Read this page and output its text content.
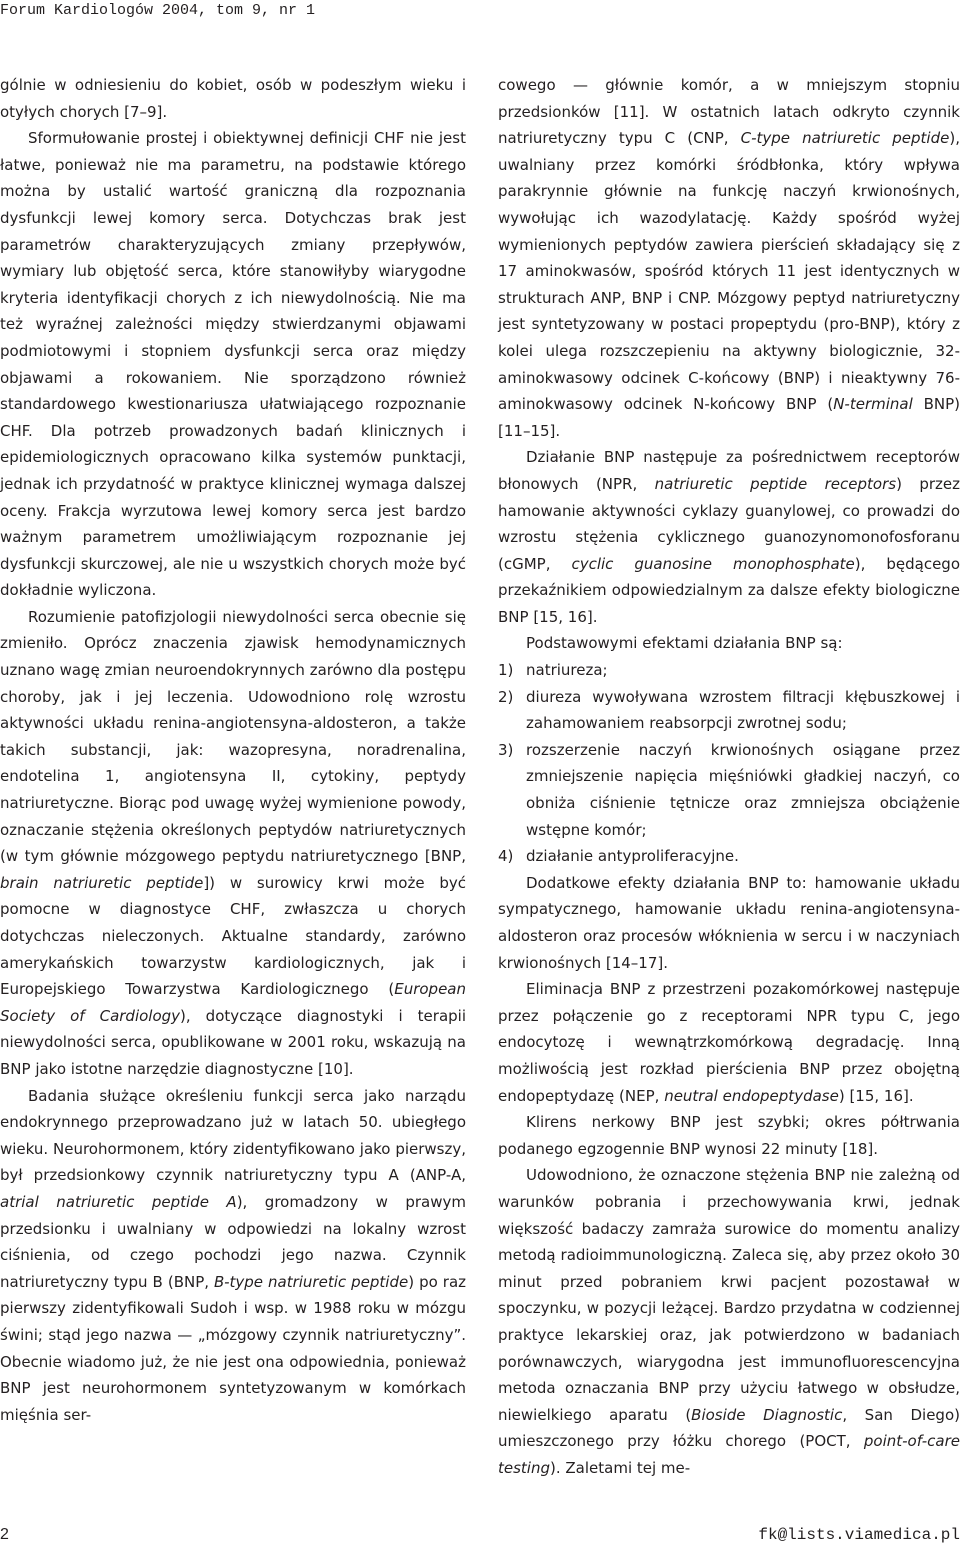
Forum Kardiologów 2004, tom 9, nr 1

gólnie w odniesieniu do kobiet, osób w podeszłym wieku i otyłych chorych [7–9].

Sformułowanie prostej i obiektywnej definicji CHF nie jest łatwe, ponieważ nie ma parametru, na podstawie którego można by ustalić wartość graniczną dla rozpoznania dysfunkcji lewej komory serca. Dotychczas brak jest parametrów charakteryzujących zmiany przepływów, wymiary lub objętość serca, które stanowiłyby wiarygodne kryteria identyfikacji chorych z ich niewydolnością. Nie ma też wyraźnej zależności między stwierdzanymi objawami podmiotowymi i stopniem dysfunkcji serca oraz między objawami a rokowaniem. Nie sporządzono również standardowego kwestionariusza ułatwiającego rozpoznanie CHF. Dla potrzeb prowadzonych badań klinicznych i epidemiologicznych opracowano kilka systemów punktacji, jednak ich przydatność w praktyce klinicznej wymaga dalszej oceny. Frakcja wyrzutowa lewej komory serca jest bardzo ważnym parametrem umożliwiającym rozpoznanie jej dysfunkcji skurczowej, ale nie u wszystkich chorych może być dokładnie wyliczona.

Rozumienie patofizjologii niewydolności serca obecnie się zmieniło. Oprócz znaczenia zjawisk hemodynamicznych uznano wagę zmian neuroendokrynnych zarówno dla postępu choroby, jak i jej leczenia. Udowodniono rolę wzrostu aktywności układu renina-angiotensyna-aldosteron, a także takich substancji, jak: wazopresyna, noradrenalina, endotelina 1, angiotensyna II, cytokiny, peptydy natriuretyczne. Biorąc pod uwagę wyżej wymienione powody, oznaczanie stężenia określonych peptydów natriuretycznych (w tym głównie mózgowego peptydu natriuretycznego [BNP, brain natriuretic peptide]) w surowicy krwi może być pomocne w diagnostyce CHF, zwłaszcza u chorych dotychczas nieleczonych. Aktualne standardy, zarówno amerykańskich towarzystw kardiologicznych, jak i Europejskiego Towarzystwa Kardiologicznego (European Society of Cardiology), dotyczące diagnostyki i terapii niewydolności serca, opublikowane w 2001 roku, wskazują na BNP jako istotne narzędzie diagnostyczne [10].

Badania służące określeniu funkcji serca jako narządu endokrynnego przeprowadzano już w latach 50. ubiegłego wieku. Neurohormonem, który zidentyfikowano jako pierwszy, był przedsionkowy czynnik natriuretyczny typu A (ANP-A, atrial natriuretic peptide A), gromadzony w prawym przedsionku i uwalniany w odpowiedzi na lokalny wzrost ciśnienia, od czego pochodzi jego nazwa. Czynnik natriuretyczny typu B (BNP, B-type natriuretic peptide) po raz pierwszy zidentyfikowali Sudoh i wsp. w 1988 roku w mózgu świni; stąd jego nazwa — „mózgowy czynnik natriuretyczny”. Obecnie wiadomo już, że nie jest ona odpowiednia, ponieważ BNP jest neurohormonem syntetyzowanym w komórkach mięśnia ser-

cowego — głównie komór, a w mniejszym stopniu przedsionków [11]. W ostatnich latach odkryto czynnik natriuretyczny typu C (CNP, C-type natriuretic peptide), uwalniany przez komórki śródbłonka, który wpływa parakrynnie głównie na funkcję naczyń krwionośnych, wywołując ich wazodylatację. Każdy spośród wyżej wymienionych peptydów zawiera pierścień składający się z 17 aminokwasów, spośród których 11 jest identycznych w strukturach ANP, BNP i CNP. Mózgowy peptyd natriuretyczny jest syntetyzowany w postaci propeptydu (pro-BNP), który z kolei ulega rozszczepieniu na aktywny biologicznie, 32-aminokwasowy odcinek C-końcowy (BNP) i nieaktywny 76-aminokwasowy odcinek N-końcowy BNP (N-terminal BNP) [11–15].

Działanie BNP następuje za pośrednictwem receptorów błonowych (NPR, natriuretic peptide receptors) przez hamowanie aktywności cyklazy guanylowej, co prowadzi do wzrostu stężenia cyklicznego guanozynomonofosforanu (cGMP, cyclic guanosine monophosphate), będącego przekaźnikiem odpowiedzialnym za dalsze efekty biologiczne BNP [15, 16].

Podstawowymi efektami działania BNP są:

1) natriureza;
2) diureza wywoływana wzrostem filtracji kłębuszkowej i zahamowaniem reabsorpcji zwrotnej sodu;
3) rozszerzenie naczyń krwionośnych osiągane przez zmniejszenie napięcia mięśniówki gładkiej naczyń, co obniża ciśnienie tętnicze oraz zmniejsza obciążenie wstępne komór;
4) działanie antyproliferacyjne.

Dodatkowe efekty działania BNP to: hamowanie układu sympatycznego, hamowanie układu renina-angiotensyna-aldosteron oraz procesów włóknienia w sercu i w naczyniach krwionośnych [14–17].

Eliminacja BNP z przestrzeni pozakomórkowej następuje przez połączenie go z receptorami NPR typu C, jego endocytozę i wewnątrzkomórkową degradację. Inną możliwością jest rozkład pierścienia BNP przez obojętną endopeptydazę (NEP, neutral endopeptydase) [15, 16].

Klirens nerkowy BNP jest szybki; okres półtrwania podanego egzogennie BNP wynosi 22 minuty [18].

Udowodniono, że oznaczone stężenia BNP nie zależną od warunków pobrania i przechowywania krwi, jednak większość badaczy zamraża surowice do momentu analizy metodą radioimmunologiczną. Zaleca się, aby przez około 30 minut przed pobraniem krwi pacjent pozostawał w spoczynku, w pozycji leżącej. Bardzo przydatna w codziennej praktyce lekarskiej oraz, jak potwierdzono w badaniach porównawczych, wiarygodna jest immunofluorescencyjna metoda oznaczania BNP przy użyciu łatwego w obsłudze, niewielkiego aparatu (Bioside Diagnostic, San Diego) umieszczonego przy łóżku chorego (POCT, point-of-care testing). Zaletami tej me-

2	fk@lists.viamedica.pl
